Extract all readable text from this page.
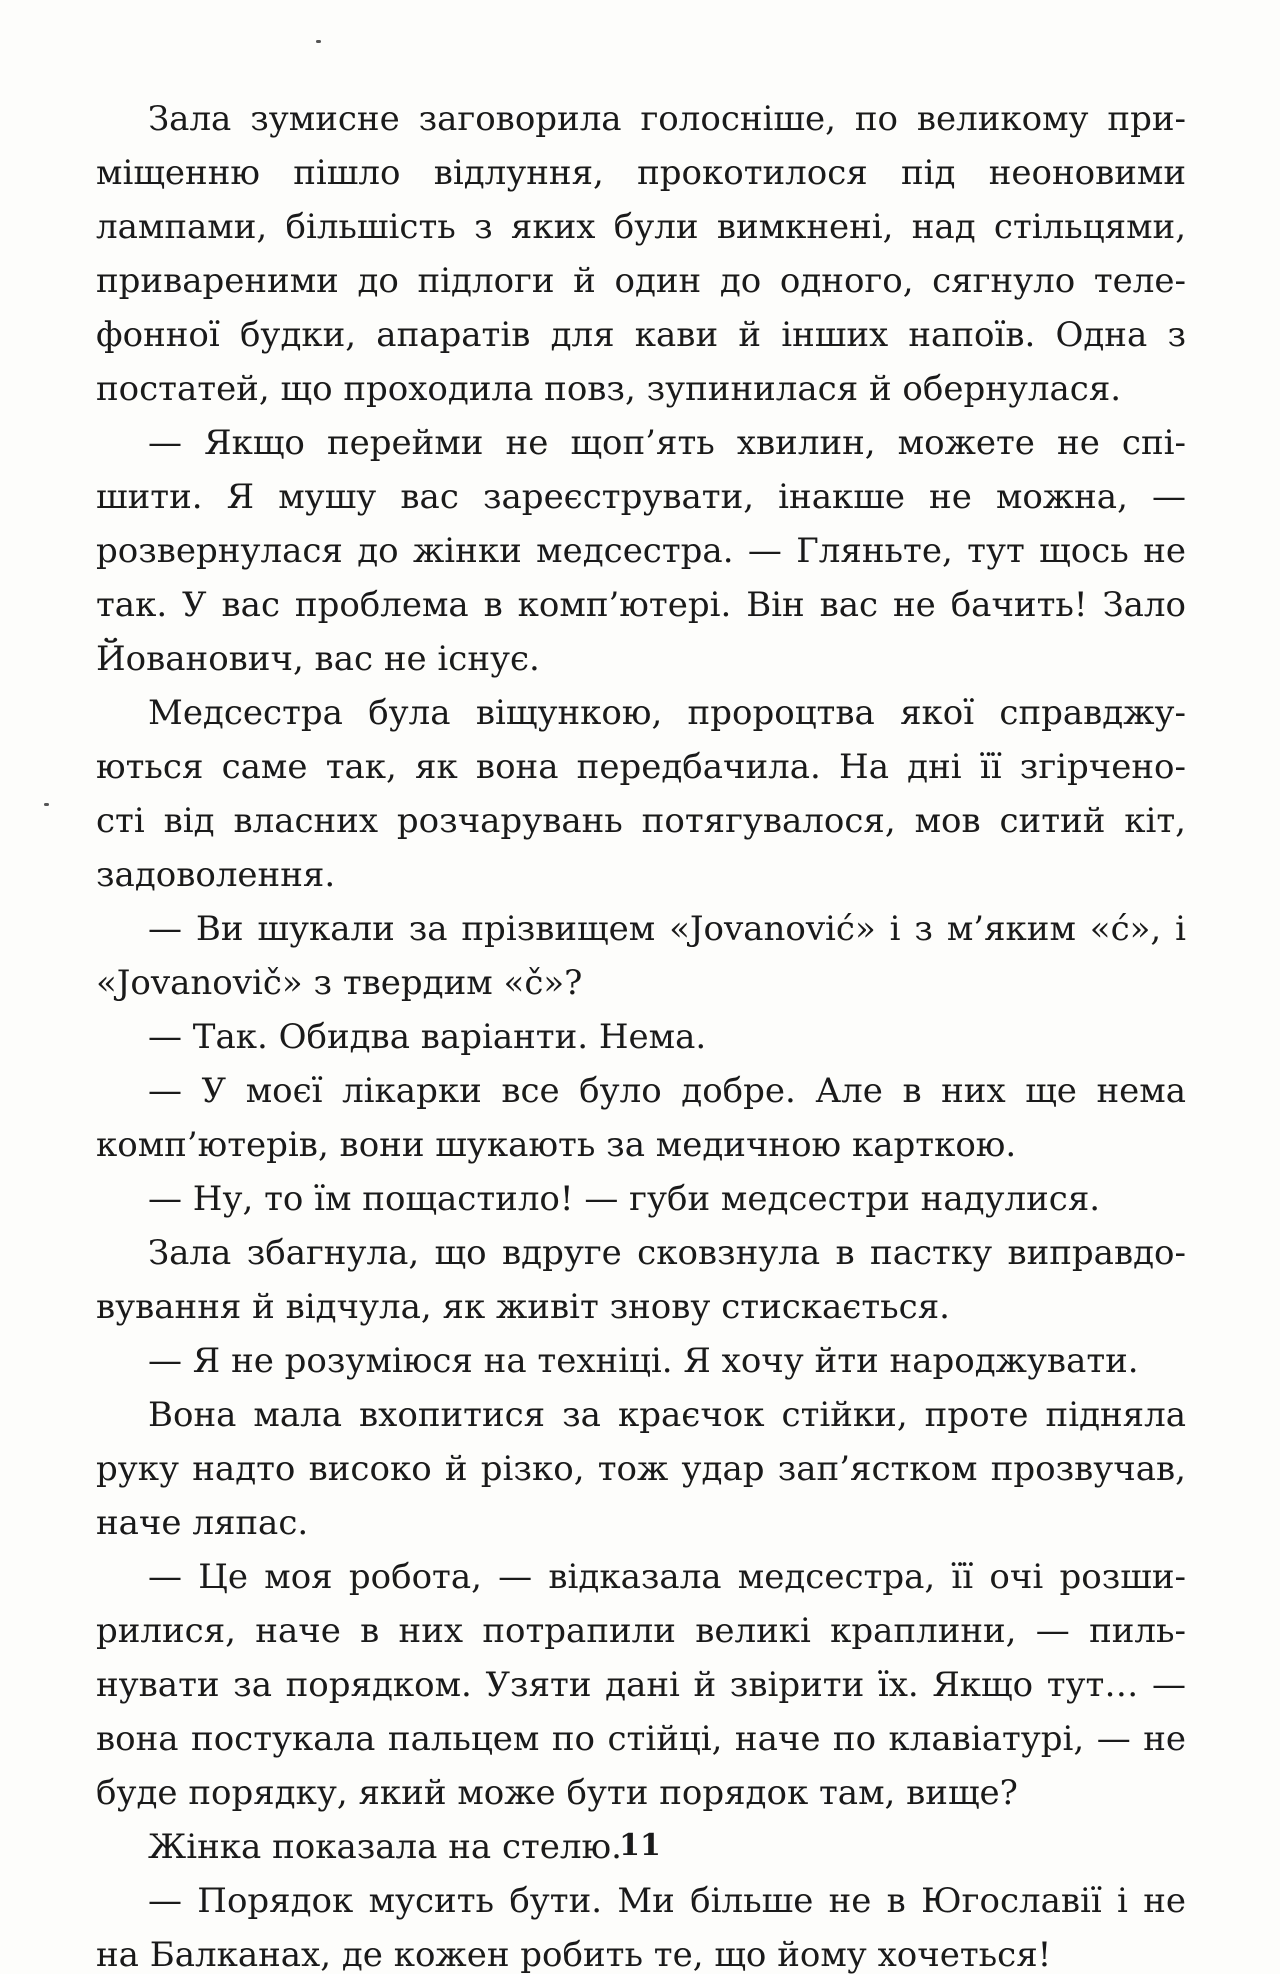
Зала зумисне заговорила голосніше, по великому при-
міщенню пішло відлуння, прокотилося під неоновими
лампами, більшість з яких були вимкнені, над стільцями,
привареними до підлоги й один до одного, сягнуло теле-
фонної будки, апаратів для кави й інших напоїв. Одна з
постатей, що проходила повз, зупинилася й обернулася.
— Якщо перейми не щоп’ять хвилин, можете не спі-
шити. Я мушу вас зареєструвати, інакше не можна, —
розвернулася до жінки медсестра. — Гляньте, тут щось не
так. У вас проблема в комп’ютері. Він вас не бачить! Зало
Йованович, вас не існує.
Медсестра була віщункою, пророцтва якої справджу-
ються саме так, як вона передбачила. На дні її згірчено-
сті від власних розчарувань потягувалося, мов ситий кіт,
задоволення.
— Ви шукали за прізвищем «Jovanović» і з м’яким «ć», і
«Jovanovič» з твердим «č»?
— Так. Обидва варіанти. Нема.
— У моєї лікарки все було добре. Але в них ще нема
комп’ютерів, вони шукають за медичною карткою.
— Ну, то їм пощастило! — губи медсестри надулися.
Зала збагнула, що вдруге сковзнула в пастку виправдо-
вування й відчула, як живіт знову стискається.
— Я не розуміюся на техніці. Я хочу йти народжувати.
Вона мала вхопитися за краєчок стійки, проте підняла
руку надто високо й різко, тож удар зап’ястком прозвучав,
наче ляпас.
— Це моя робота, — відказала медсестра, її очі розши-
рилися, наче в них потрапили великі краплини, — пиль-
нувати за порядком. Узяти дані й звірити їх. Якщо тут… —
вона постукала пальцем по стійці, наче по клавіатурі, — не
буде порядку, який може бути порядок там, вище?
Жінка показала на стелю.
— Порядок мусить бути. Ми більше не в Югославії і не
на Балканах, де кожен робить те, що йому хочеться!
11
